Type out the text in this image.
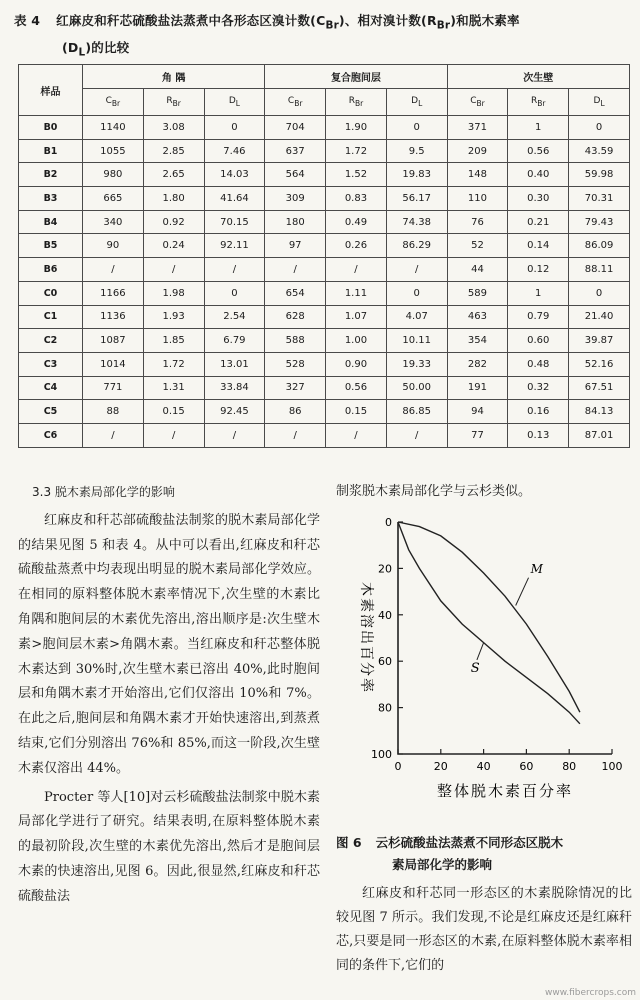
表 4 红麻皮和秆芯硫酸盐法蒸煮中各形态区溴计数$(C_{Br})$、相对溴计数$(R_{Br})$和脱木素率
$(D_L)$的比较
样品	角 隅			复合胞间层			次生壁		
	$C_{Br}$	$R_{Br}$	$D_L$	$C_{Br}$	$R_{Br}$	$D_L$	$C_{Br}$	$R_{Br}$	$D_L$
B0	1140	3.08	0	704	1.90	0	371	1	0
B1	1055	2.85	7.46	637	1.72	9.5	209	0.56	43.59
B2	980	2.65	14.03	564	1.52	19.83	148	0.40	59.98
B3	665	1.80	41.64	309	0.83	56.17	110	0.30	70.31
B4	340	0.92	70.15	180	0.49	74.38	76	0.21	79.43
B5	90	0.24	92.11	97	0.26	86.29	52	0.14	86.09
B6	/	/	/	/	/	/	44	0.12	88.11
C0	1166	1.98	0	654	1.11	0	589	1	0
C1	1136	1.93	2.54	628	1.07	4.07	463	0.79	21.40
C2	1087	1.85	6.79	588	1.00	10.11	354	0.60	39.87
C3	1014	1.72	13.01	528	0.90	19.33	282	0.48	52.16
C4	771	1.31	33.84	327	0.56	50.00	191	0.32	67.51
C5	88	0.15	92.45	86	0.15	86.85	94	0.16	84.13
C6	/	/	/	/	/	/	77	0.13	87.01
3.3 脱木素局部化学的影响

红麻皮和秆芯部硫酸盐法制浆的脱木素局部化学的结果见图 5 和表 4。从中可以看出,红麻皮和秆芯硫酸盐蒸煮中均表现出明显的脱木素局部化学效应。在相同的原料整体脱木素率情况下,次生壁的木素比角隅和胞间层的木素优先溶出,溶出顺序是:次生壁木素>胞间层木素>角隅木素。当红麻皮和秆芯整体脱木素达到 30%时,次生壁木素已溶出 40%,此时胞间层和角隅木素才开始溶出,它们仅溶出 10%和 7%。在此之后,胞间层和角隅木素才开始快速溶出,到蒸煮结束,它们分别溶出 76%和 85%,而这一阶段,次生壁木素仅溶出 44%。

Procter 等人[10]对云杉硫酸盐法制浆中脱木素局部化学进行了研究。结果表明,在原料整体脱木素的最初阶段,次生壁的木素优先溶出,然后才是胞间层木素的快速溶出,见图 6。因此,很显然,红麻皮和秆芯硫酸盐法

制浆脱木素局部化学与云杉类似。

0	20	40	60	80 100
0
20
40
60
80
100
S
M
整体脱木素百分率
木素溶出百分率
图 6 云杉硫酸盐法蒸煮不同形态区脱木
素局部化学的影响

红麻皮和秆芯同一形态区的木素脱除情况的比较见图 7 所示。我们发现,不论是红麻皮还是红麻秆芯,只要是同一形态区的木素,在原料整体脱木素率相同的条件下,它们的

www.fibercrops.com
